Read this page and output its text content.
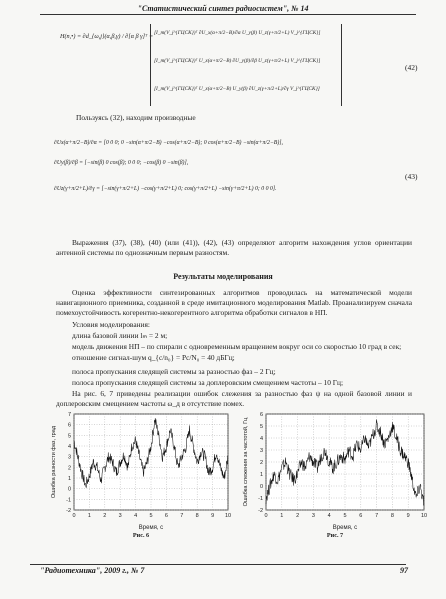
"Статистический синтез радиосистем", № 14
H(n,•) = ∂d_{ω,j}(α,β,γ) / ∂[α β γ]ᵀ = [I_m(V_j^{ГЦСК})ᵀ ∂U_x(α+π/2−B)/∂α U_y(β) U_z(γ+π/2+L) V_j^{ГЦСК}]
[I_m(V_j^{ГЦСК})ᵀ U_x(α+π/2−B) ∂U_y(β)/∂β U_z(γ+π/2+L) V_j^{ГЦСК}]
[I_m(V_j^{ГЦСК})ᵀ U_x(α+π/2−B) U_y(β) ∂U_z(γ+π/2+L)/∂γ V_j^{ГЦСК}]
(42)
Пользуясь (32), находим производные
∂Ux(α+π/2−B)/∂α = [0 0 0; 0 −sin(α+π/2−B) −cos(α+π/2−B); 0 cos(α+π/2−B) −sin(α+π/2−B)],
∂Uy(β)/∂β = [−sin(β) 0 cos(β); 0 0 0; −cos(β) 0 −sin(β)],
∂Uz(γ+π/2+L)/∂γ = [−sin(γ+π/2+L) −cos(γ+π/2+L) 0; cos(γ+π/2+L) −sin(γ+π/2+L) 0; 0 0 0].
(43)
Выражения (37), (38), (40) (или (41)), (42), (43) определяют алгоритм нахождения углов ориентации антенной системы по однозначным первым разностям.
Результаты моделирования
Оценка эффективности синтезированных алгоритмов проводилась на математической модели навигационного приемника, созданной в среде имитационного моделирования Matlab. Проанализируем сначала помехоустойчивость когерентно-некогерентного алгоритма обработки сигналов в НП.
Условия моделирования:
длина базовой линии lₘ = 2 м;
модель движения НП – по спирали с одновременным вращением вокруг оси со скоростью 10 град в сек;
отношение сигнал-шум q_{c/n₀} = Pc/N₀ = 40 дБГц;
полоса пропускания следящей системы за разностью фаз – 2 Гц;
полоса пропускания следящей системы за доплеровским смещением частоты – 10 Гц;
На рис. 6, 7 приведены реализации ошибок слежения за разностью фаз ψ на одной базовой линии и доплеровским смещением частоты ω_д в отсутствие помех.
0 1 2 3 4 5 6 7 8 9 10
-2
-1
0
1
2
3
4
5
6
7
Время, с
Ошибка разности фаз, град
Рис. 6
0 1 2 3 4 5 6 7 8 9 10
-2
-1
0
1
2
3
4
5
6
Время, с
Ошибка слежения за частотой, Гц
Рис. 7
"Радиотехника", 2009 г., № 7	97
